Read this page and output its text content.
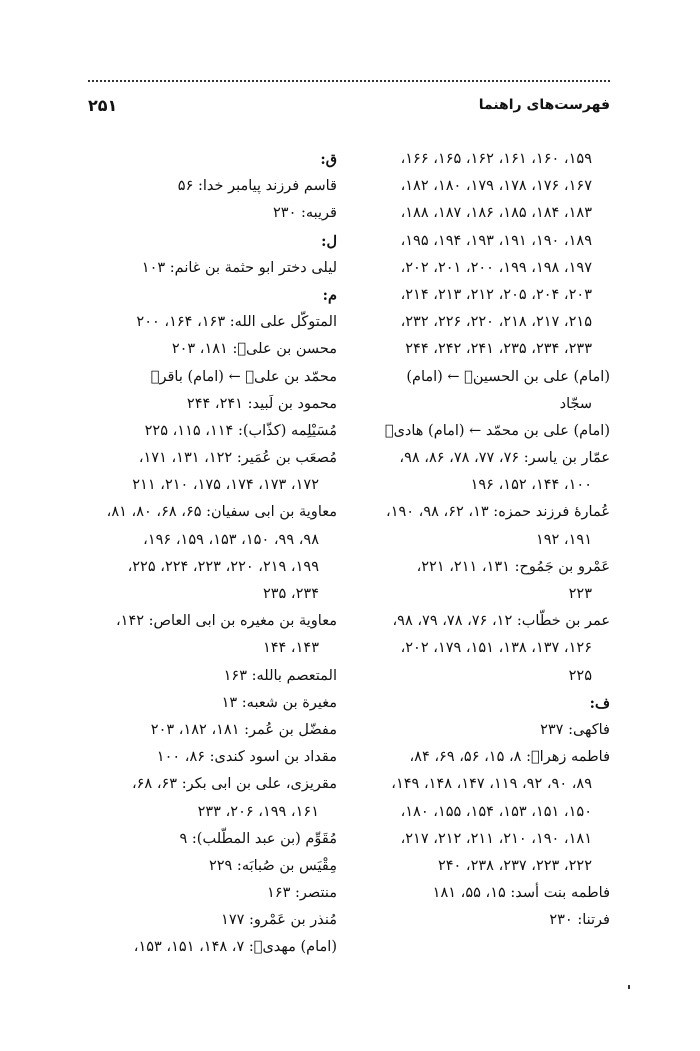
فهرست‌های راهنما
۲۵۱
۱۵۹، ۱۶۰، ۱۶۱، ۱۶۲، ۱۶۵، ۱۶۶،
۱۶۷، ۱۷۶، ۱۷۸، ۱۷۹، ۱۸۰، ۱۸۲،
۱۸۳، ۱۸۴، ۱۸۵، ۱۸۶، ۱۸۷، ۱۸۸،
۱۸۹، ۱۹۰، ۱۹۱، ۱۹۳، ۱۹۴، ۱۹۵،
۱۹۷، ۱۹۸، ۱۹۹، ۲۰۰، ۲۰۱، ۲۰۲،
۲۰۳، ۲۰۴، ۲۰۵، ۲۱۲، ۲۱۳، ۲۱۴،
۲۱۵، ۲۱۷، ۲۱۸، ۲۲۰، ۲۲۶، ۲۳۲،
۲۳۳، ۲۳۴، ۲۳۵، ۲۴۱، ۲۴۲، ۲۴۴
(امام) علی بن الحسین﷣ ← (امام)
سجّاد
(امام) علی بن محمّد ← (امام) هادی﷣
عمّار بن یاسر: ۷۶، ۷۷، ۷۸، ۸۶، ۹۸،
۱۰۰، ۱۴۴، ۱۵۲، ۱۹۶
عُمارهٔ فرزند حمزه: ۱۳، ۶۲، ۹۸، ۱۹۰،
۱۹۱، ۱۹۲
عَمْرو بن جَمُوح: ۱۳۱، ۲۱۱، ۲۲۱،
۲۲۳
عمر بن خطّاب: ۱۲، ۷۶، ۷۸، ۷۹، ۹۸،
۱۲۶، ۱۳۷، ۱۳۸، ۱۵۱، ۱۷۹، ۲۰۲،
۲۲۵
ف:
فاکهی: ۲۳۷
فاطمه زهرا﷑: ۸، ۱۵، ۵۶، ۶۹، ۸۴،
۸۹، ۹۰، ۹۲، ۱۱۹، ۱۴۷، ۱۴۸، ۱۴۹،
۱۵۰، ۱۵۱، ۱۵۳، ۱۵۴، ۱۵۵، ۱۸۰،
۱۸۱، ۱۹۰، ۲۱۰، ۲۱۱، ۲۱۲، ۲۱۷،
۲۲۲، ۲۲۳، ۲۳۷، ۲۳۸، ۲۴۰
فاطمه بنت أسد: ۱۵، ۵۵، ۱۸۱
فرتنا: ۲۳۰
ق:
قاسم فرزند پیامبر خدا: ۵۶
قریبه: ۲۳۰
ل:
لیلی دختر ابو حثمة بن غانم: ۱۰۳
م:
المتوکّل علی الله: ۱۶۳، ۱۶۴، ۲۰۰
محسن بن علی﷣: ۱۸۱، ۲۰۳
محمّد بن علی﷣ ← (امام) باقر﷣
محمود بن لَبید: ۲۴۱، ۲۴۴
مُسَیْلِمه (کذّاب): ۱۱۴، ۱۱۵، ۲۲۵
مُصعَب بن عُمَیر: ۱۲۲، ۱۳۱، ۱۷۱،
۱۷۲، ۱۷۳، ۱۷۴، ۱۷۵، ۲۱۰، ۲۱۱
معاویة بن ابی سفیان: ۶۵، ۶۸، ۸۰، ۸۱،
۹۸، ۹۹، ۱۵۰، ۱۵۳، ۱۵۹، ۱۹۶،
۱۹۹، ۲۱۹، ۲۲۰، ۲۲۳، ۲۲۴، ۲۲۵،
۲۳۴، ۲۳۵
معاویة بن مغیره بن ابی العاص: ۱۴۲،
۱۴۳، ۱۴۴
المتعصم بالله: ۱۶۳
مغیرة بن شعبه: ۱۳
مفضّل بن عُمر: ۱۸۱، ۱۸۲، ۲۰۳
مقداد بن اسود کندی: ۸۶، ۱۰۰
مقریزی، علی بن ابی بکر: ۶۳، ۶۸،
۱۶۱، ۱۹۹، ۲۰۶، ۲۳۳
مُقَوِّم (بن عبد المطّلب): ۹
مِقْیَس بن صُبابَه: ۲۲۹
منتصر: ۱۶۳
مُنذر بن عَمْرو: ۱۷۷
(امام) مهدی﷣: ۷، ۱۴۸، ۱۵۱، ۱۵۳،
